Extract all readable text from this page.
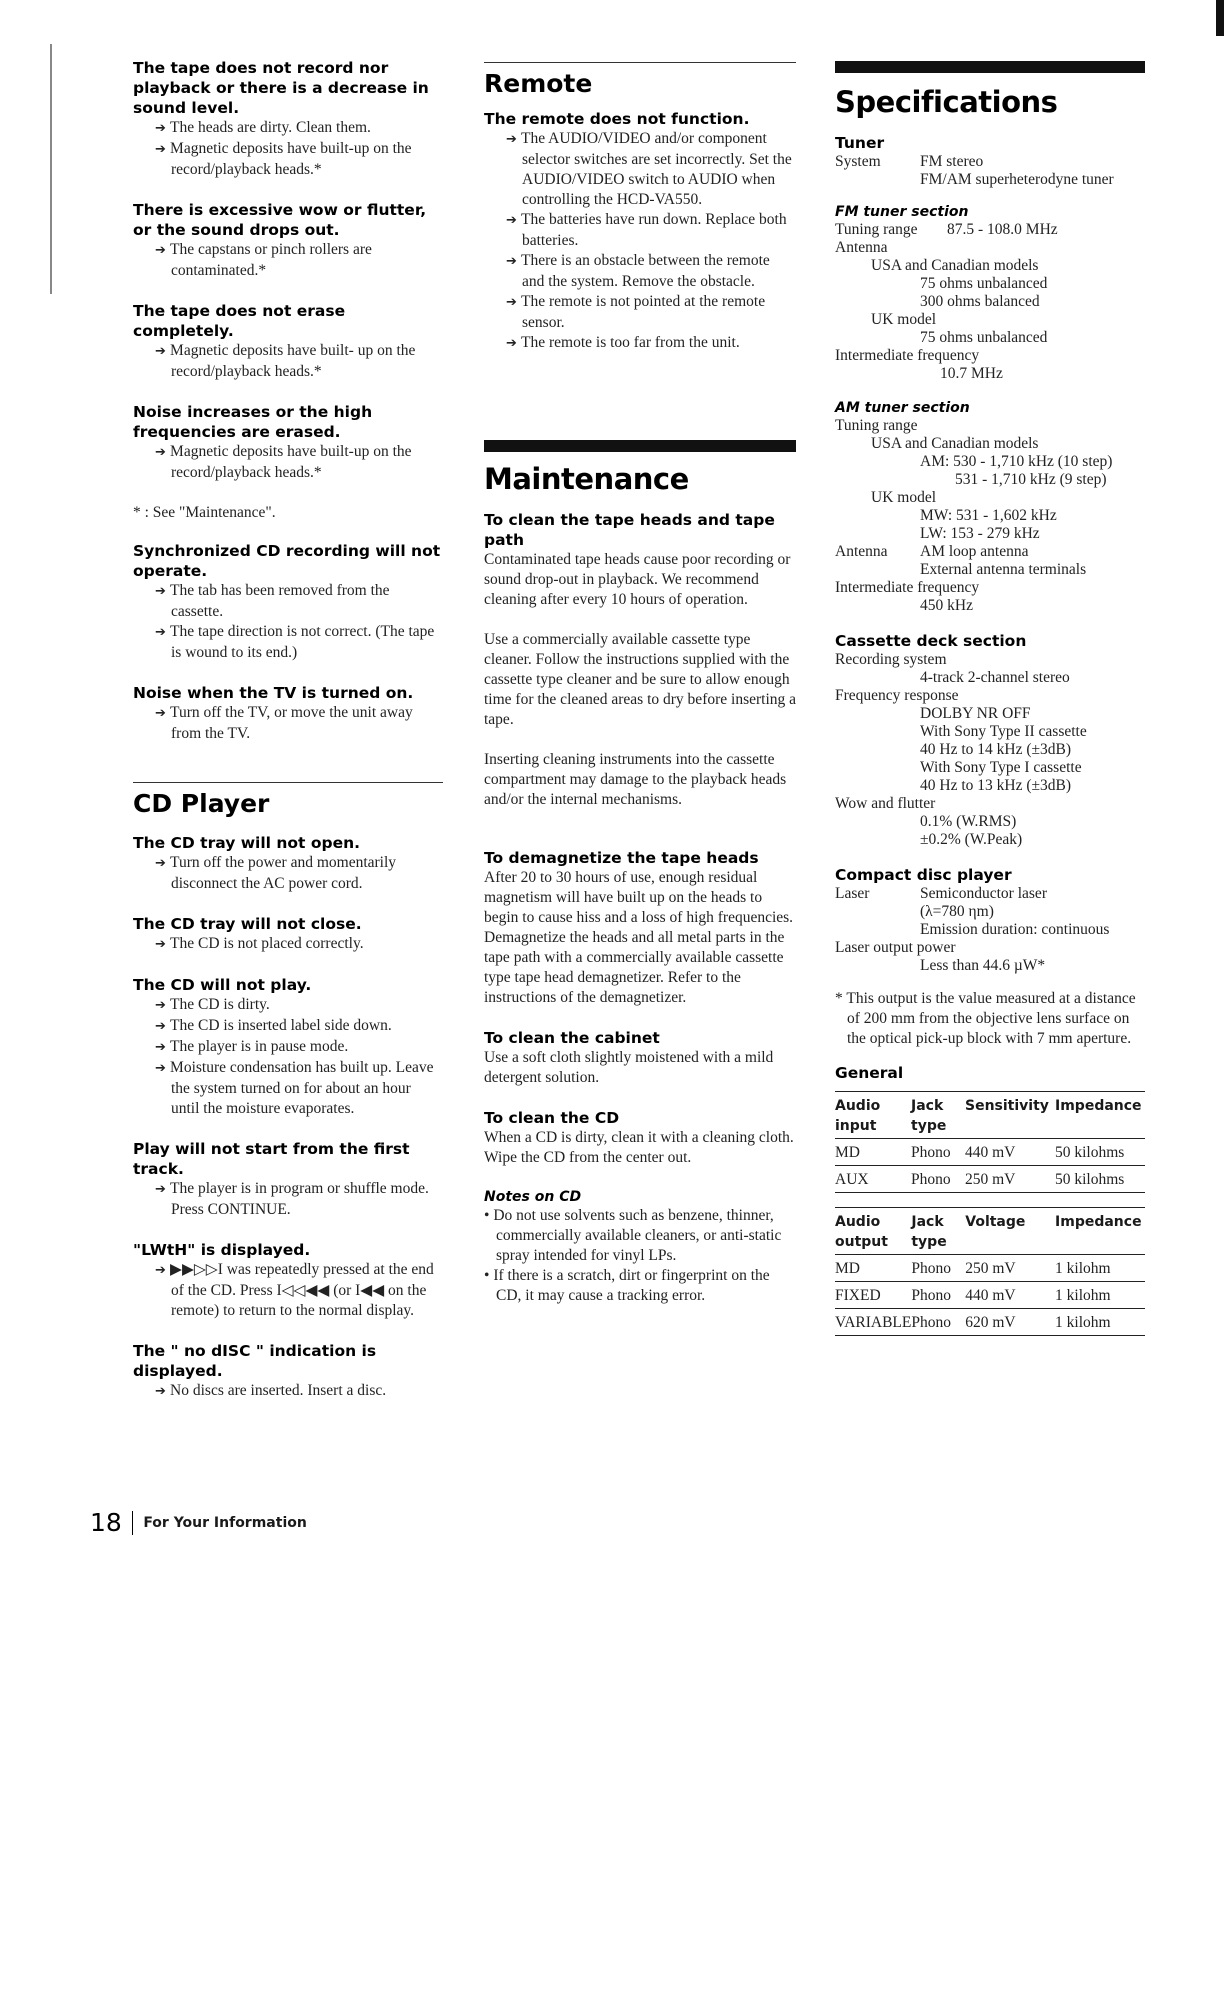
The tape does not record nor playback or there is a decrease in sound level.
➔ The heads are dirty. Clean them.
➔ Magnetic deposits have built-up on the record/playback heads.*
There is excessive wow or flutter, or the sound drops out.
➔ The capstans or pinch rollers are contaminated.*
The tape does not erase completely.
➔ Magnetic deposits have built- up on the record/playback heads.*
Noise increases or the high frequencies are erased.
➔ Magnetic deposits have built-up on the record/playback heads.*
* : See "Maintenance".
Synchronized CD recording will not operate.
➔ The tab has been removed from the cassette.
➔ The tape direction is not correct. (The tape is wound to its end.)
Noise when the TV is turned on.
➔ Turn off the TV, or move the unit away from the TV.
CD Player
The CD tray will not open.
➔ Turn off the power and momentarily disconnect the AC power cord.
The CD tray will not close.
➔ The CD is not placed correctly.
The CD will not play.
➔ The CD is dirty.
➔ The CD is inserted label side down.
➔ The player is in pause mode.
➔ Moisture condensation has built up. Leave the system turned on for about an hour until the moisture evaporates.
Play will not start from the first track.
➔ The player is in program or shuffle mode. Press CONTINUE.
"LWtH" is displayed.
➔ ▶▶▷▷I was repeatedly pressed at the end of the CD. Press I◁◁◀◀ (or I◀◀ on the remote) to return to the normal display.
The " no dISC " indication is displayed.
➔ No discs are inserted. Insert a disc.
Remote
The remote does not function.
➔ The AUDIO/VIDEO and/or component selector switches are set incorrectly. Set the AUDIO/VIDEO switch to AUDIO when controlling the HCD-VA550.
➔ The batteries have run down. Replace both batteries.
➔ There is an obstacle between the remote and the system. Remove the obstacle.
➔ The remote is not pointed at the remote sensor.
➔ The remote is too far from the unit.
Maintenance
To clean the tape heads and tape path
Contaminated tape heads cause poor recording or sound drop-out in playback. We recommend cleaning after every 10 hours of operation.
Use a commercially available cassette type cleaner. Follow the instructions supplied with the cassette type cleaner and be sure to allow enough time for the cleaned areas to dry before inserting a tape.
Inserting cleaning instruments into the cassette compartment may damage to the playback heads and/or the internal mechanisms.
To demagnetize the tape heads
After 20 to 30 hours of use, enough residual magnetism will have built up on the heads to begin to cause hiss and a loss of high frequencies. Demagnetize the heads and all metal parts in the tape path with a commercially available cassette type tape head demagnetizer. Refer to the instructions of the demagnetizer.
To clean the cabinet
Use a soft cloth slightly moistened with a mild detergent solution.
To clean the CD
When a CD is dirty, clean it with a cleaning cloth. Wipe the CD from the center out.
Notes on CD
• Do not use solvents such as benzene, thinner, commercially available cleaners, or anti-static spray intended for vinyl LPs.
• If there is a scratch, dirt or fingerprint on the CD, it may cause a tracking error.
Specifications
Tuner
System	FM stereo
FM/AM superheterodyne tuner
FM tuner section
Tuning range	87.5 - 108.0 MHz
Antenna
USA and Canadian models
75 ohms unbalanced
300 ohms balanced
UK model
75 ohms unbalanced
Intermediate frequency
10.7 MHz
AM tuner section
Tuning range
USA and Canadian models
AM: 530 - 1,710 kHz (10 step)
531 - 1,710 kHz (9 step)
UK model
MW: 531 - 1,602 kHz
LW: 153 - 279 kHz
Antenna	AM loop antenna
External antenna terminals
Intermediate frequency
450 kHz
Cassette deck section
Recording system
4-track 2-channel stereo
Frequency response
DOLBY NR OFF
With Sony Type II cassette
40 Hz to 14 kHz (±3dB)
With Sony Type I cassette
40 Hz to 13 kHz (±3dB)
Wow and flutter
0.1% (W.RMS)
±0.2% (W.Peak)
Compact disc player
Laser	Semiconductor laser
(λ=780 ηm)
Emission duration: continuous
Laser output power
Less than 44.6 µW*
* This output is the value measured at a distance of 200 mm from the objective lens surface on the optical pick-up block with 7 mm aperture.
General
Audio input	Jack type	Sensitivity	Impedance
MD	Phono	440 mV	50 kilohms
AUX	Phono	250 mV	50 kilohms
Audio output	Jack type	Voltage	Impedance
MD	Phono	250 mV	1 kilohm
FIXED	Phono	440 mV	1 kilohm
VARIABLE	Phono	620 mV	1 kilohm
18 For Your Information
